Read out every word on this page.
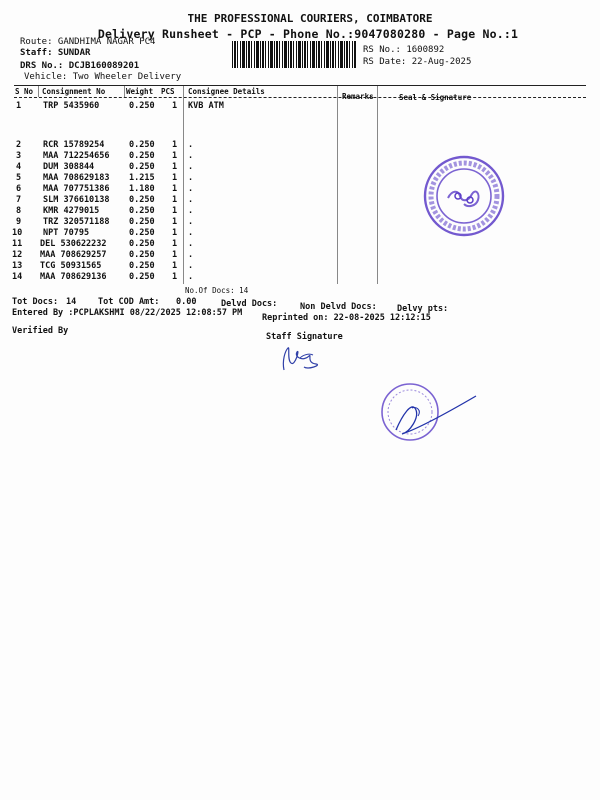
THE PROFESSIONAL COURIERS, COIMBATORE
Delivery Runsheet - PCP - Phone No.:9047080280 - Page No.:1
Route: GANDHIMA NAGAR PC4
Staff: SUNDAR
DRS No.: DCJB160089201
Vehicle: Two Wheeler Delivery
RS No.: 1600892
RS Date: 22-Aug-2025
S No Consignment No	Weight PCS Consignee Details
Remarks	Seal & Signature
1	TRP 5435960	0.250 1 KVB ATM
2	RCR 15789254	0.250 1 .
3	MAA 712254656 0.250 1 .
4	DUM 308844	0.250 1 .
5	MAA 708629183 1.215 1 .
6	MAA 707751386 1.180 1 .
7	SLM 376610138 0.250 1 .
8	KMR 4279015	0.250 1 .
9	TRZ 320571188 0.250 1 .
10 NPT 70795	0.250 1 .
11 DEL 530622232	0.250 1 .
12 MAA 708629257	0.250 1 .
13 TCG 50931565	0.250 1 .
14 MAA 708629136	0.250 1 .
No.Of Docs: 14
Tot Docs: 14	Tot COD Amt: 0.00	Delvd Docs:	Non Delvd Docs: Delvy pts:
Entered By :PCPLAKSHMI 08/22/2025 12:08:57 PM Reprinted on: 22-08-2025 12:12:15
Verified By
Staff Signature
